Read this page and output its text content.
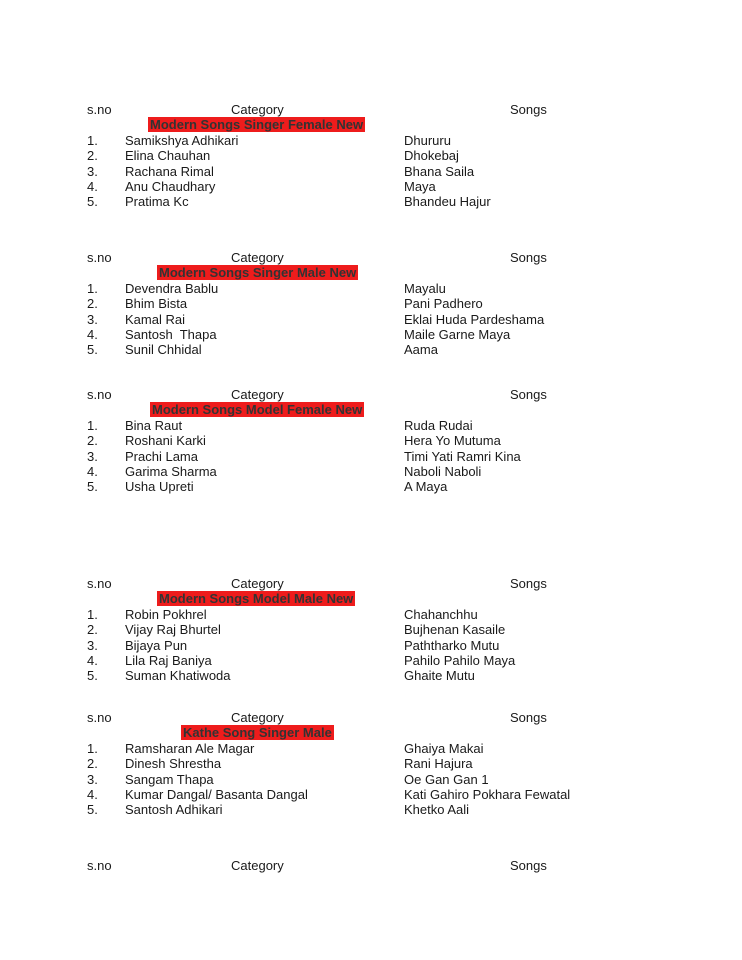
s.no	Category	Songs
Modern Songs Singer Female New
1. Samikshya Adhikari	Dhururu
2. Elina Chauhan	Dhokebaj
3. Rachana Rimal	Bhana Saila
4. Anu Chaudhary	Maya
5. Pratima Kc	Bhandeu Hajur
s.no	Category	Songs
Modern Songs Singer Male New
1. Devendra Bablu	Mayalu
2. Bhim Bista	Pani Padhero
3. Kamal Rai	Eklai Huda Pardeshama
4. Santosh  Thapa	Maile Garne Maya
5. Sunil Chhidal	Aama
s.no	Category	Songs
Modern Songs Model Female New
1. Bina Raut	Ruda Rudai
2. Roshani Karki	Hera Yo Mutuma
3. Prachi Lama	Timi Yati Ramri Kina
4. Garima Sharma	Naboli Naboli
5. Usha Upreti	A Maya
s.no	Category	Songs
Modern Songs Model Male New
1. Robin Pokhrel	Chahanchhu
2. Vijay Raj Bhurtel	Bujhenan Kasaile
3. Bijaya Pun	Paththarko Mutu
4. Lila Raj Baniya	Pahilo Pahilo Maya
5. Suman Khatiwoda	Ghaite Mutu
s.no	Category	Songs
Kathe Song Singer Male
1. Ramsharan Ale Magar	Ghaiya Makai
2. Dinesh Shrestha	Rani Hajura
3. Sangam Thapa	Oe Gan Gan 1
4. Kumar Dangal/ Basanta Dangal	Kati Gahiro Pokhara Fewatal
5. Santosh Adhikari	Khetko Aali
s.no	Category	Songs
